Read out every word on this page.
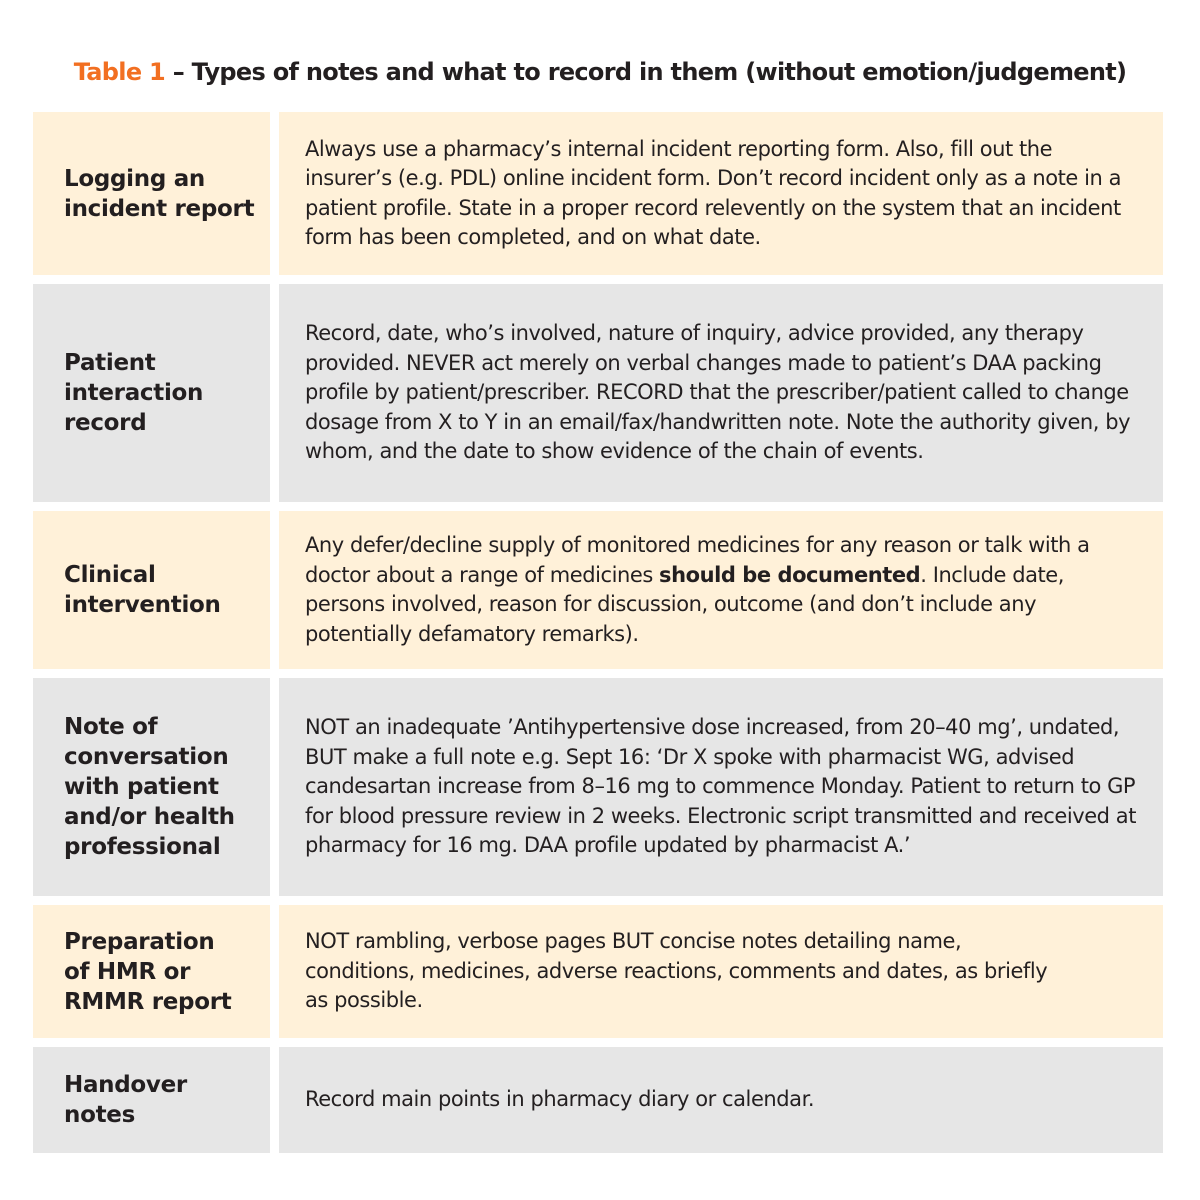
Table 1 – Types of notes and what to record in them (without emotion/judgement)
Logging an incident report

Always use a pharmacy’s internal incident reporting form. Also, fill out the insurer’s (e.g. PDL) online incident form. Don’t record incident only as a note in a patient profile. State in a proper record relevently on the system that an incident form has been completed, and on what date.

Patient interaction record

Record, date, who’s involved, nature of inquiry, advice provided, any therapy provided. NEVER act merely on verbal changes made to patient’s DAA packing profile by patient/prescriber. RECORD that the prescriber/patient called to change dosage from X to Y in an email/fax/handwritten note. Note the authority given, by whom, and the date to show evidence of the chain of events.

Clinical intervention

Any defer/decline supply of monitored medicines for any reason or talk with a doctor about a range of medicines should be documented. Include date, persons involved, reason for discussion, outcome (and don’t include any potentially defamatory remarks).

Note of conversation with patient and/or health professional

NOT an inadequate ’Antihypertensive dose increased, from 20–40 mg’, undated, BUT make a full note e.g. Sept 16: ‘Dr X spoke with pharmacist WG, advised candesartan increase from 8–16 mg to commence Monday. Patient to return to GP for blood pressure review in 2 weeks. Electronic script transmitted and received at pharmacy for 16 mg. DAA profile updated by pharmacist A.’

Preparation of HMR or RMMR report

NOT rambling, verbose pages BUT concise notes detailing name, conditions, medicines, adverse reactions, comments and dates, as briefly as possible.

Handover notes

Record main points in pharmacy diary or calendar.
